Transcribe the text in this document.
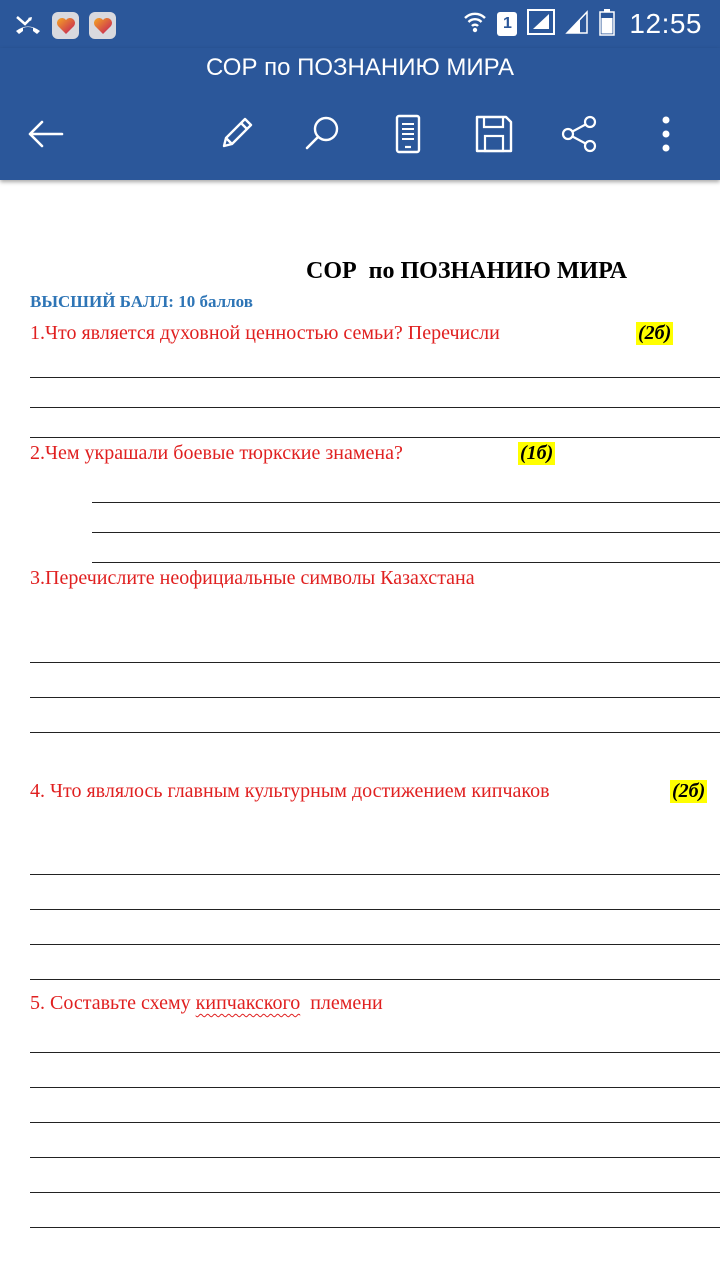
1	12:55
СОР по ПОЗНАНИЮ МИРА
СОР  по ПОЗНАНИЮ МИРА
ВЫСШИЙ БАЛЛ: 10 баллов
1.Что является духовной ценностью семьи? Перечисли	(2б)
2.Чем украшали боевые тюркские знамена?	(1б)
3.Перечислите неофициальные символы Казахстана
4. Что являлось главным культурным достижением кипчаков	(2б)
5. Составьте схему кипчакского  племени
